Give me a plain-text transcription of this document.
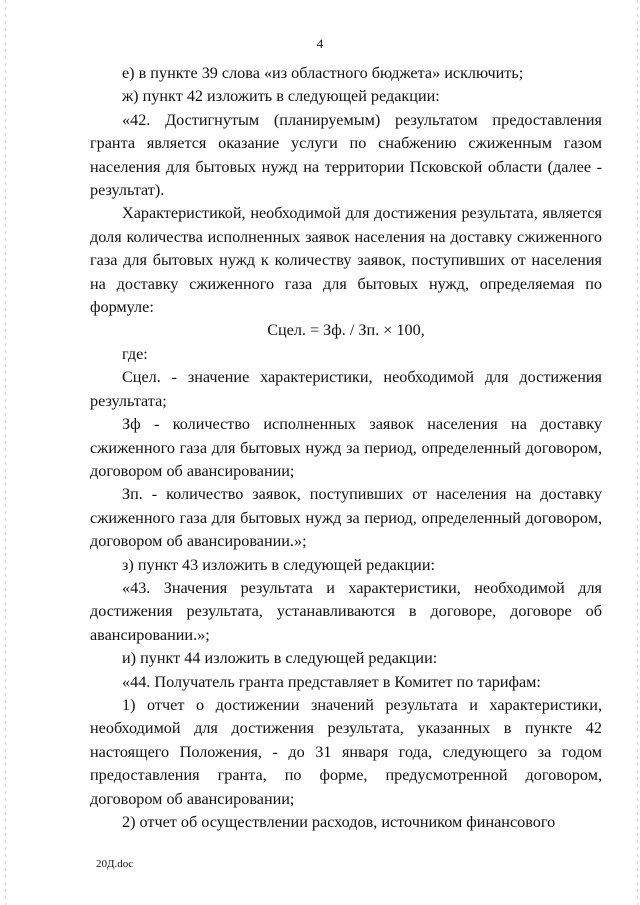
4

е) в пункте 39 слова «из областного бюджета» исключить;

ж) пункт 42 изложить в следующей редакции:

«42. Достигнутым (планируемым) результатом предоставления гранта является оказание услуги по снабжению сжиженным газом населения для бытовых нужд на территории Псковской области (далее - результат).

Характеристикой, необходимой для достижения результата, является доля количества исполненных заявок населения на доставку сжиженного газа для бытовых нужд к количеству заявок, поступивших от населения на доставку сжиженного газа для бытовых нужд, определяемая по формуле:

Сцел. = Зф. / Зп. × 100,

где:

Сцел. - значение характеристики, необходимой для достижения результата;

Зф - количество исполненных заявок населения на доставку сжиженного газа для бытовых нужд за период, определенный договором, договором об авансировании;

Зп. - количество заявок, поступивших от населения на доставку сжиженного газа для бытовых нужд за период, определенный договором, договором об авансировании.»;

з) пункт 43 изложить в следующей редакции:

«43. Значения результата и характеристики, необходимой для достижения результата, устанавливаются в договоре, договоре об авансировании.»;

и) пункт 44 изложить в следующей редакции:

«44. Получатель гранта представляет в Комитет по тарифам:

1) отчет о достижении значений результата и характеристики, необходимой для достижения результата, указанных в пункте 42 настоящего Положения, - до 31 января года, следующего за годом предоставления гранта, по форме, предусмотренной договором, договором об авансировании;

2) отчет об осуществлении расходов, источником финансового

20Д.doc
